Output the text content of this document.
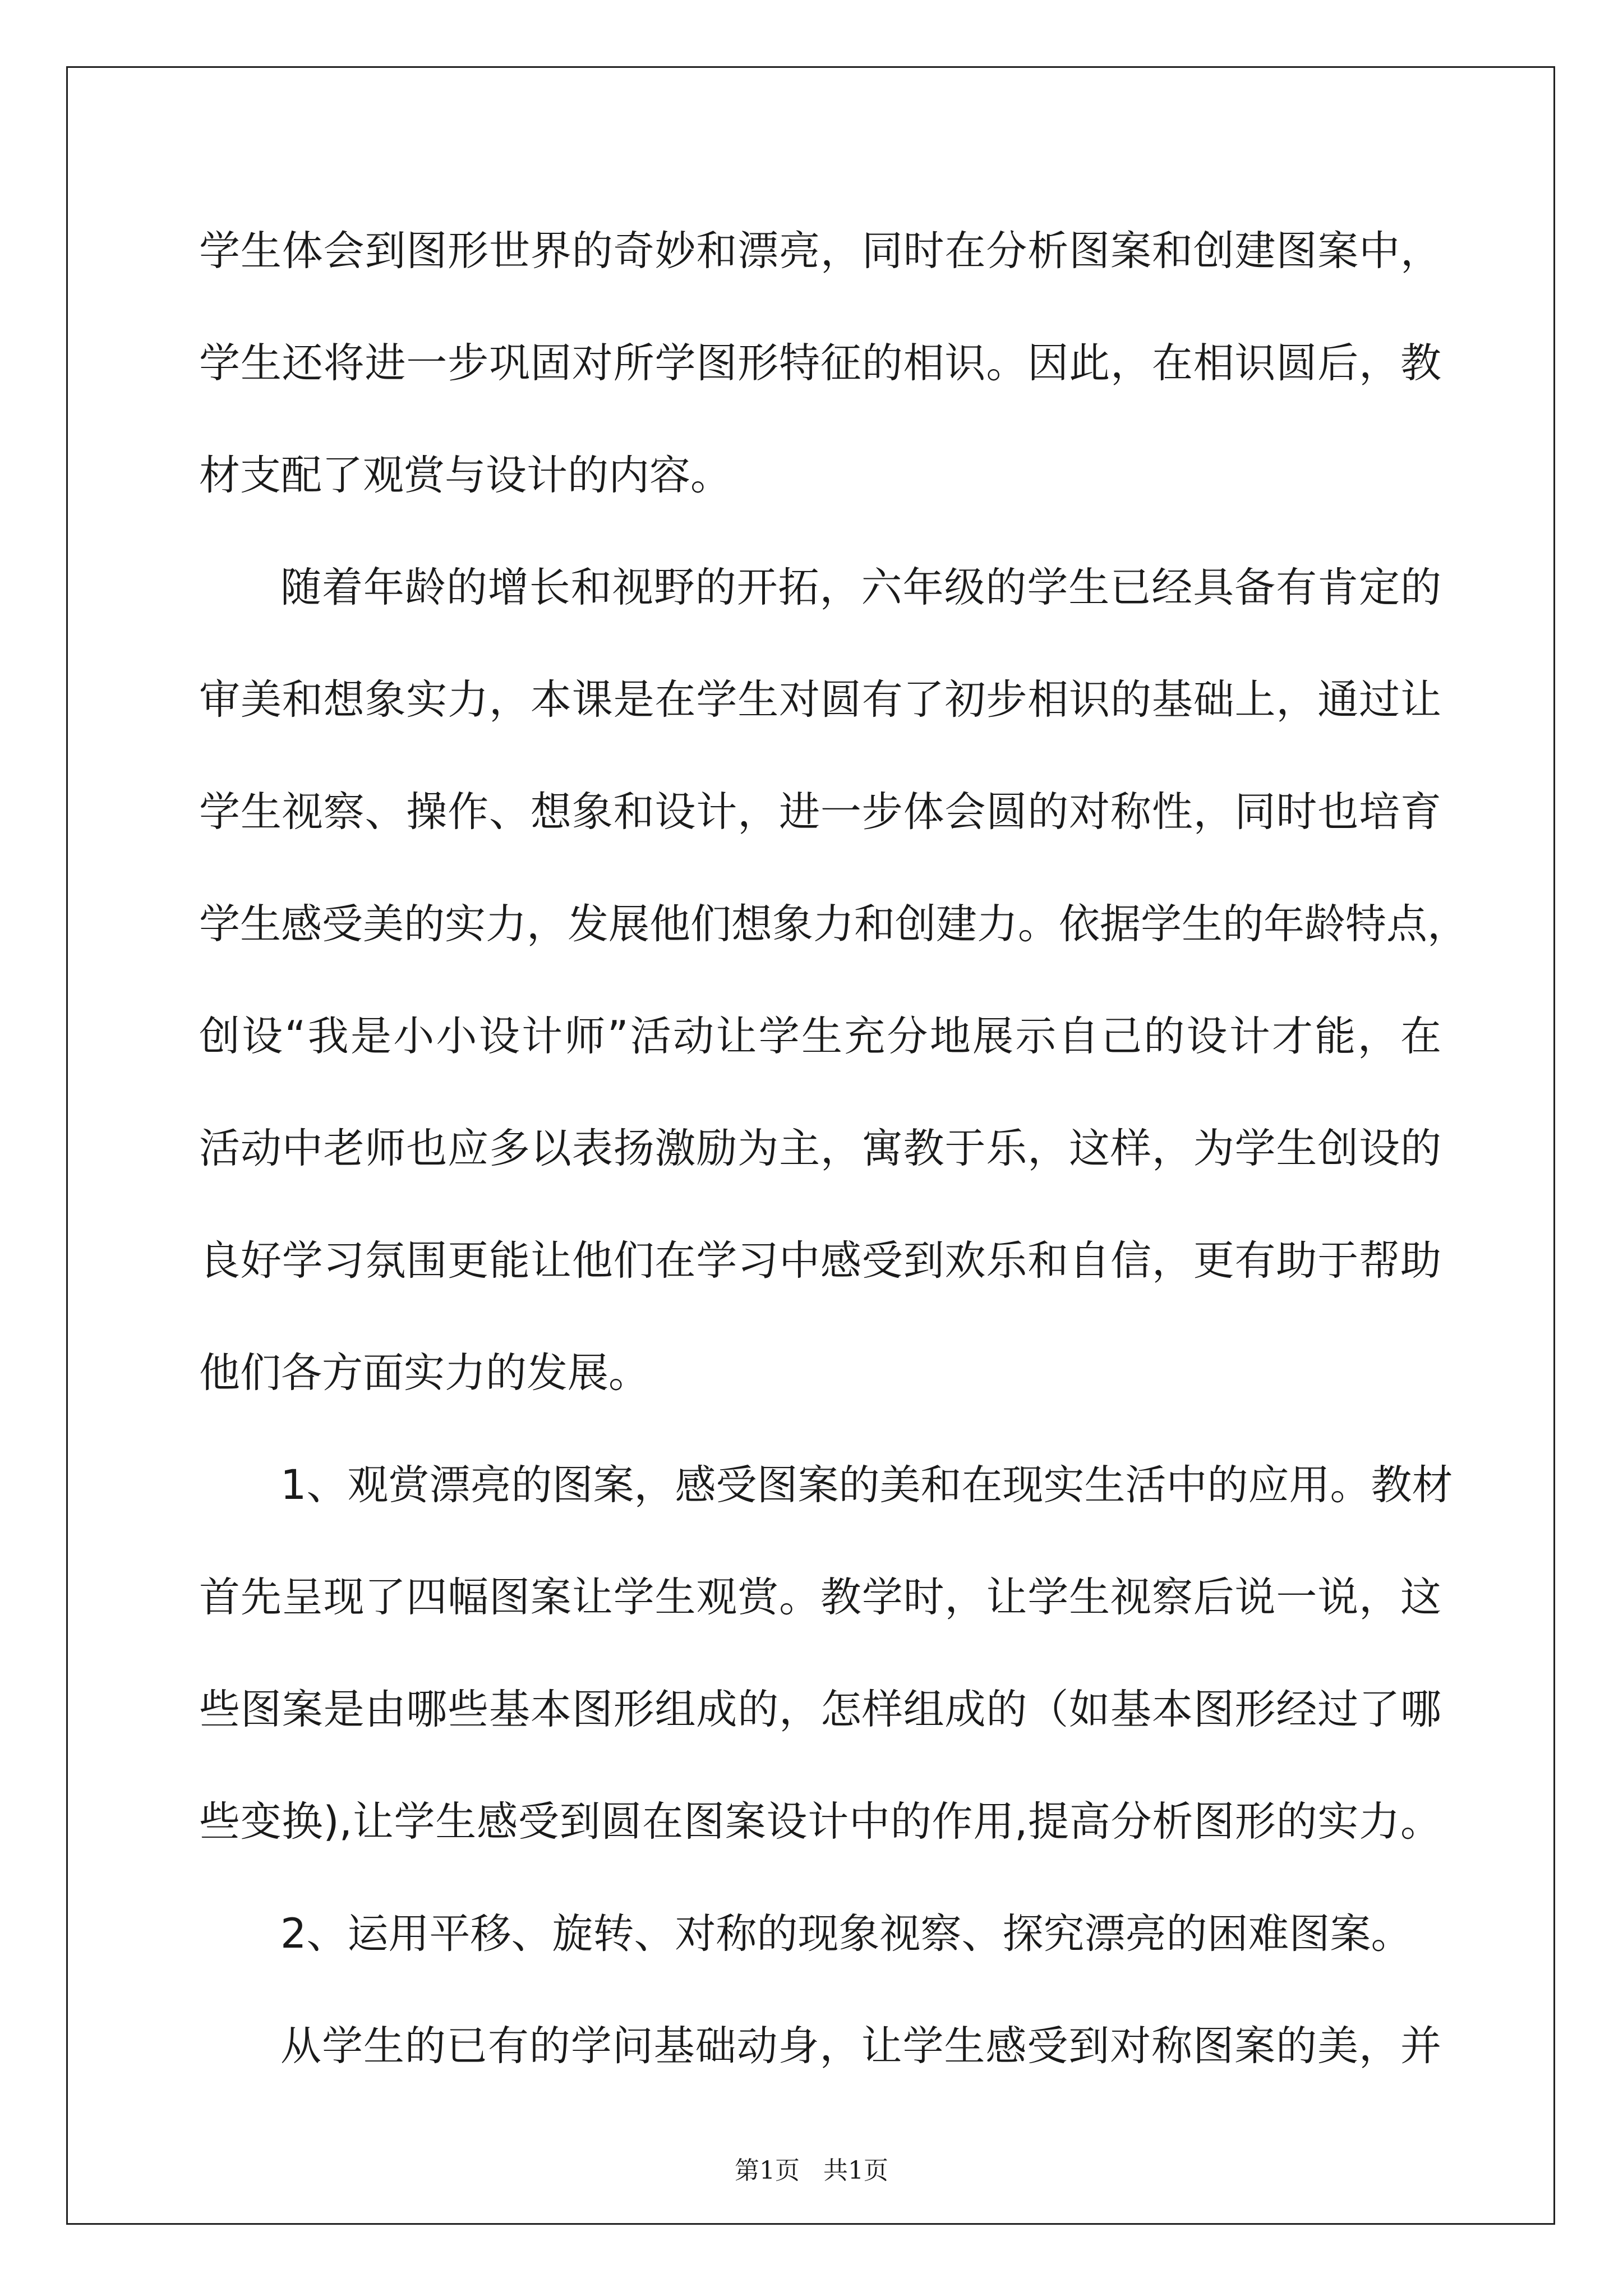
学生体会到图形世界的奇妙和漂亮，同时在分析图案和创建图案中，

学生还将进一步巩固对所学图形特征的相识。因此，在相识圆后，教

材支配了观赏与设计的内容。

随着年龄的增长和视野的开拓，六年级的学生已经具备有肯定的

审美和想象实力，本课是在学生对圆有了初步相识的基础上，通过让

学生视察、操作、想象和设计，进一步体会圆的对称性，同时也培育

学生感受美的实力，发展他们想象力和创建力。依据学生的年龄特点，

创设“我是小小设计师”活动让学生充分地展示自己的设计才能，在

活动中老师也应多以表扬激励为主，寓教于乐，这样，为学生创设的

良好学习氛围更能让他们在学习中感受到欢乐和自信，更有助于帮助

他们各方面实力的发展。

1、观赏漂亮的图案，感受图案的美和在现实生活中的应用。教材

首先呈现了四幅图案让学生观赏。教学时，让学生视察后说一说，这

些图案是由哪些基本图形组成的，怎样组成的（如基本图形经过了哪

些变换),让学生感受到圆在图案设计中的作用,提高分析图形的实力。

2、运用平移、旋转、对称的现象视察、探究漂亮的困难图案。

从学生的已有的学问基础动身，让学生感受到对称图案的美，并

第1页   共1页
